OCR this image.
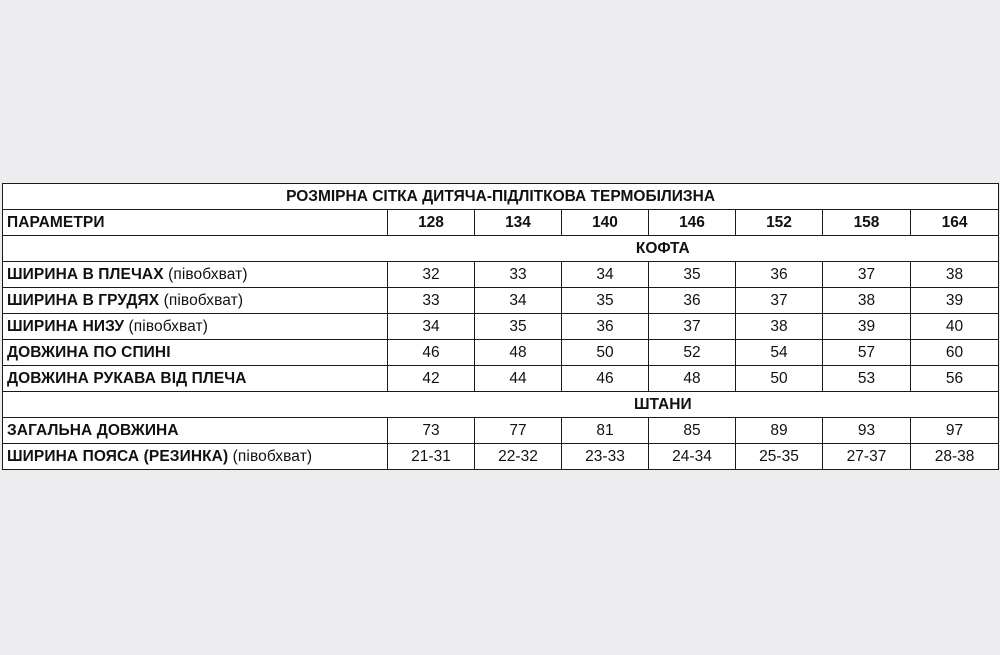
РОЗМІРНА СІТКА ДИТЯЧА-ПІДЛІТКОВА ТЕРМОБІЛИЗНА							
ПАРАМЕТРИ	128	134	140	146	152	158	164
	КОФТА						
ШИРИНА В ПЛЕЧАХ (півобхват)	32	33	34	35	36	37	38
ШИРИНА В ГРУДЯХ (півобхват)	33	34	35	36	37	38	39
ШИРИНА НИЗУ (півобхват)	34	35	36	37	38	39	40
ДОВЖИНА ПО СПИНІ	46	48	50	52	54	57	60
ДОВЖИНА РУКАВА ВІД ПЛЕЧА	42	44	46	48	50	53	56
	ШТАНИ						
ЗАГАЛЬНА ДОВЖИНА	73	77	81	85	89	93	97
ШИРИНА ПОЯСА (РЕЗИНКА) (півобхват)	21-31	22-32	23-33	24-34	25-35	27-37	28-38
